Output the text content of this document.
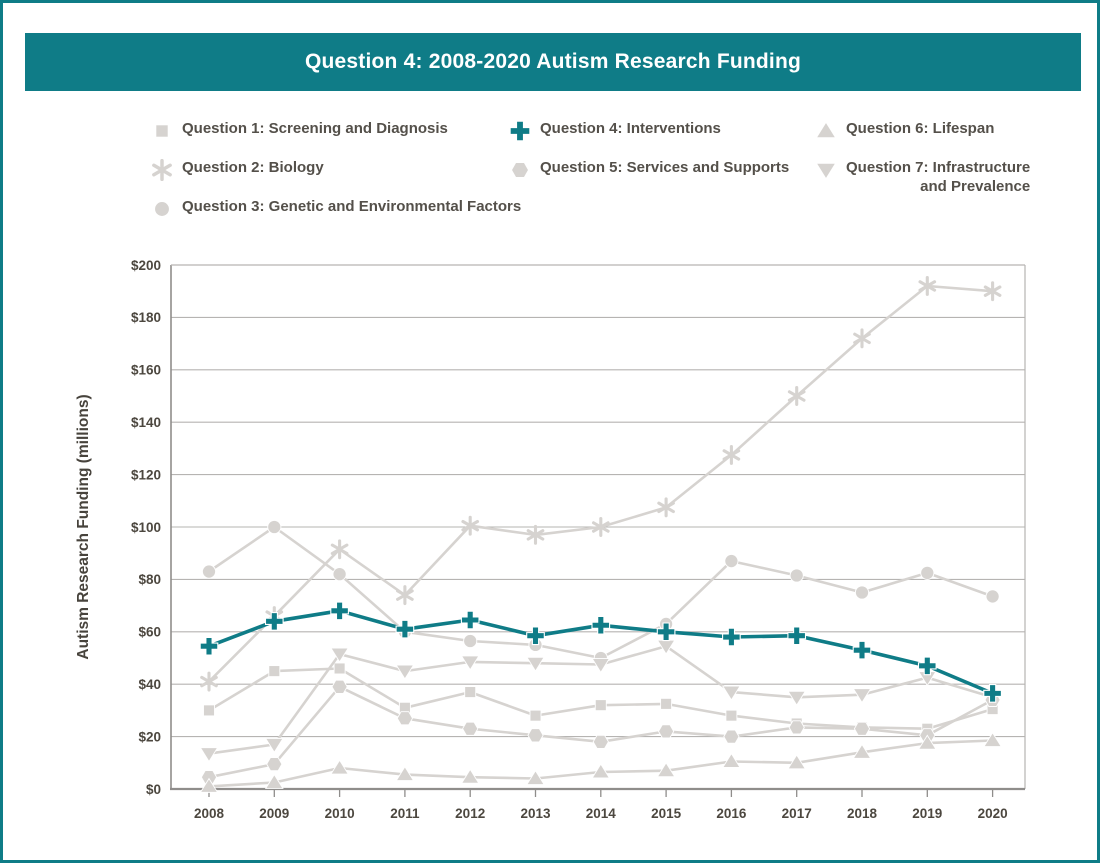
Question 4: 2008-2020 Autism Research Funding
Question 1: Screening and Diagnosis
Question 2: Biology
Question 3: Genetic and Environmental Factors
Question 4: Interventions
Question 5: Services and Supports
Question 6: Lifespan
Question 7: Infrastructure
and Prevalence
Autism Research Funding (millions)
$0
$20
$40
$60
$80
$100
$120
$140
$160
$180
$200
2008	2009	2010	2011	2012	2013	2014	2015	2016	2017	2018	2019	2020
